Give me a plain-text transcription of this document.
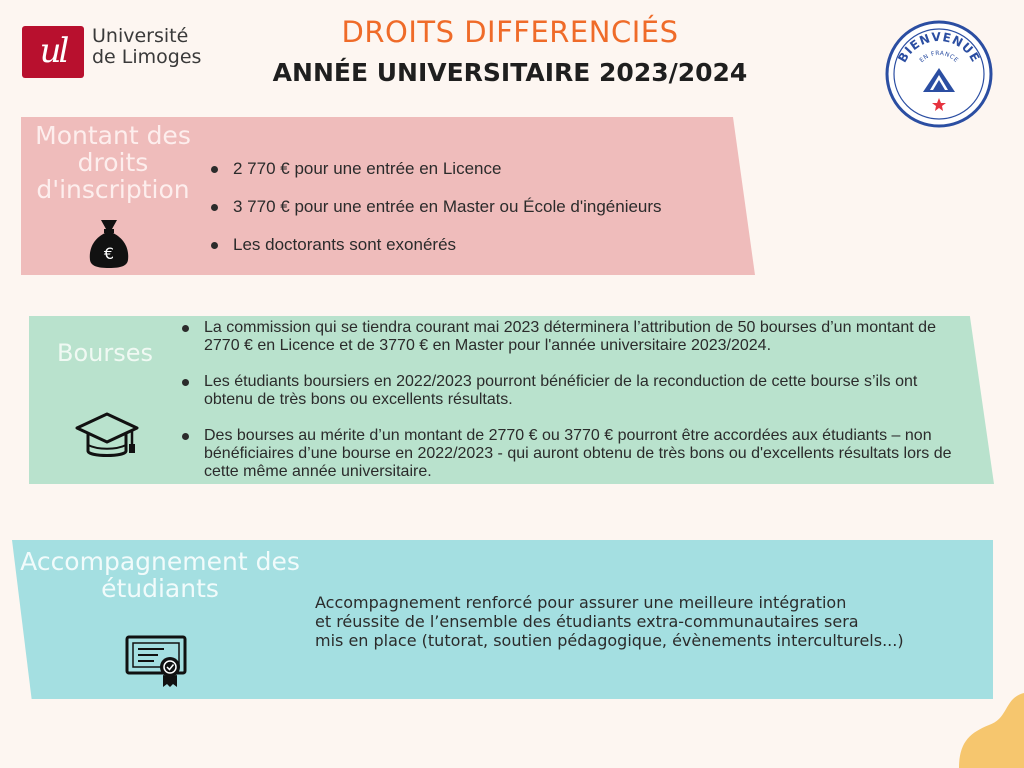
ul	Université
de Limoges
DROITS DIFFERENCIÉS
ANNÉE UNIVERSITAIRE 2023/2024
BIENVENUE
EN FRANCE
Montant des droits d'inscription
€
2 770 € pour une entrée en Licence
3 770 € pour une entrée en Master ou École d'ingénieurs
Les doctorants sont exonérés
Bourses
La commission qui se tiendra courant mai 2023 déterminera l’attribution de 50 bourses d’un montant de 2770 € en Licence et de 3770 € en Master pour l'année universitaire 2023/2024.
Les étudiants boursiers en 2022/2023 pourront bénéficier de la reconduction de cette bourse s’ils ont obtenu de très bons ou excellents résultats.
Des bourses au mérite d’un montant de 2770 € ou 3770 € pourront être accordées aux étudiants – non bénéficiaires d’une bourse en 2022/2023 - qui auront obtenu de très bons ou d'excellents résultats lors de cette même année universitaire.
Accompagnement des étudiants	Accompagnement renforcé pour assurer une meilleure intégration
et réussite de l’ensemble des étudiants extra-communautaires sera
mis en place (tutorat, soutien pédagogique, évènements interculturels...)
